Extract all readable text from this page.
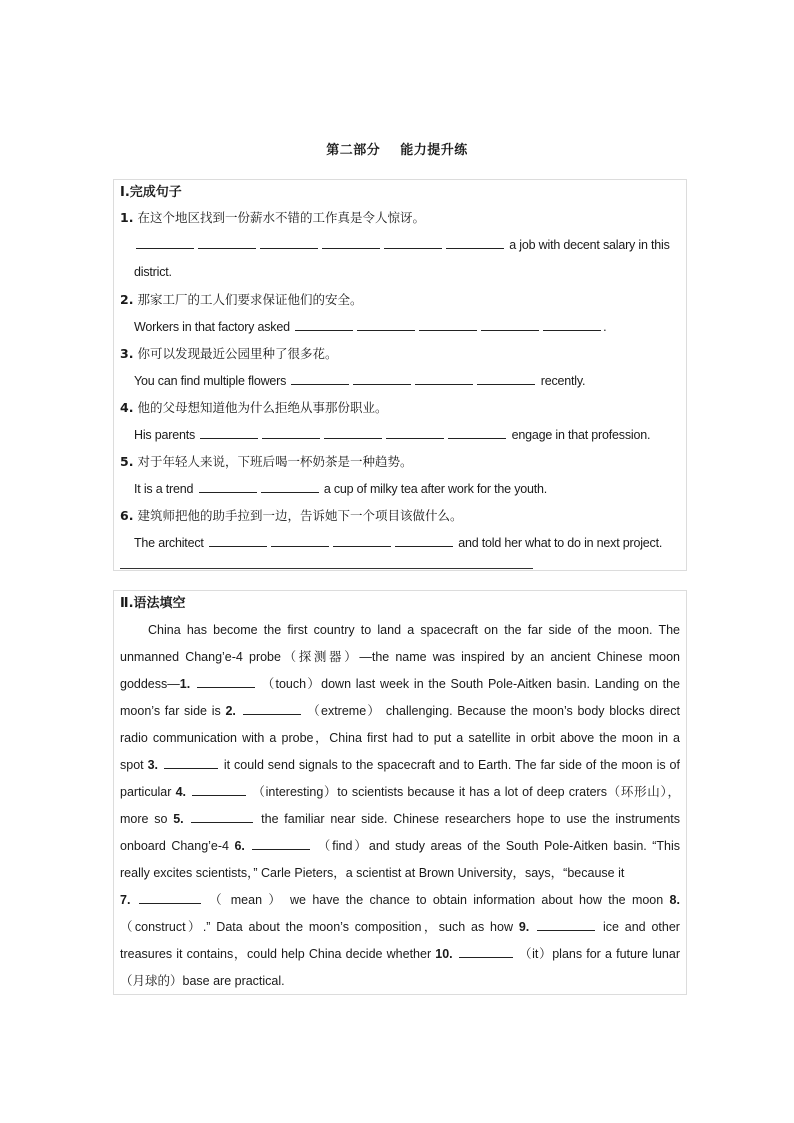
第二部分    能力提升练
Ⅰ.完成句子
1. 在这个地区找到一份薪水不错的工作真是令人惊讶。
a job with decent salary in this
district.
2. 那家工厂的工人们要求保证他们的安全。
Workers in that factory asked	.
3. 你可以发现最近公园里种了很多花。
You can find multiple flowers	recently.
4. 他的父母想知道他为什么拒绝从事那份职业。
His parents	engage in that profession.
5. 对于年轻人来说，下班后喝一杯奶茶是一种趋势。
It is a trend	a cup of milky tea after work for the youth.
6. 建筑师把他的助手拉到一边，告诉她下一个项目该做什么。
The architect	and told her what to do in next project.
Ⅱ.语法填空
China has become the first country to land a spacecraft on the far side of the moon. The
unmanned Chang’e-4 probe（探测器）—the name was inspired by an ancient Chinese moon
goddess—1.	（touch）down last week in the South Pole-Aitken basin. Landing on the
moon’s far side is 2.	（extreme） challenging. Because the moon’s body blocks direct
radio communication with a probe，China first had to put a satellite in orbit above the moon in a
spot 3.	it could send signals to the spacecraft and to Earth. The far side of the moon is of
particular 4.	（interesting）to scientists because it has a lot of deep craters（环形山），
more so 5.	the familiar near side. Chinese researchers hope to use the instruments
onboard Chang’e-4 6.	（find）and study areas of the South Pole-Aitken basin. “This
really excites scientists，” Carle Pieters，a scientist at Brown University，says，“because it
7.	（ mean ） we have the chance to obtain information about how the moon 8.
（construct）.” Data about the moon’s composition，such as how 9.	ice and other
treasures it contains，could help China decide whether 10.	（it）plans for a future lunar
（月球的）base are practical.
